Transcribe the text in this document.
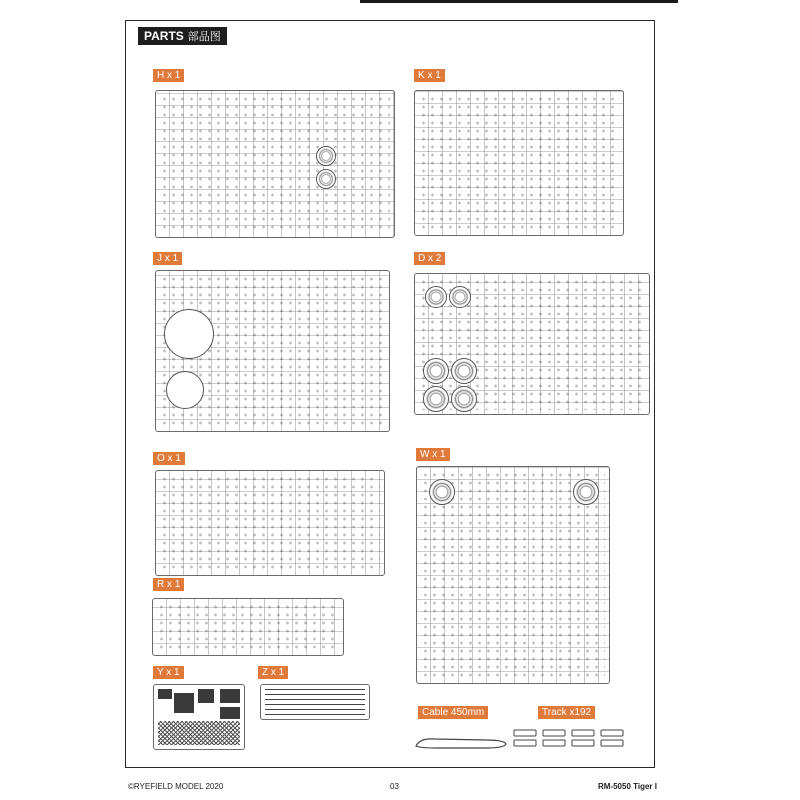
PARTS 部品图
H x 1	K x 1
J x 1	D x 2
O x 1	W x 1
R x 1
Y x 1	Z x 1
Cable 450mm	Track x192
©RYEFIELD MODEL 2020	03	RM-5050 Tiger I
